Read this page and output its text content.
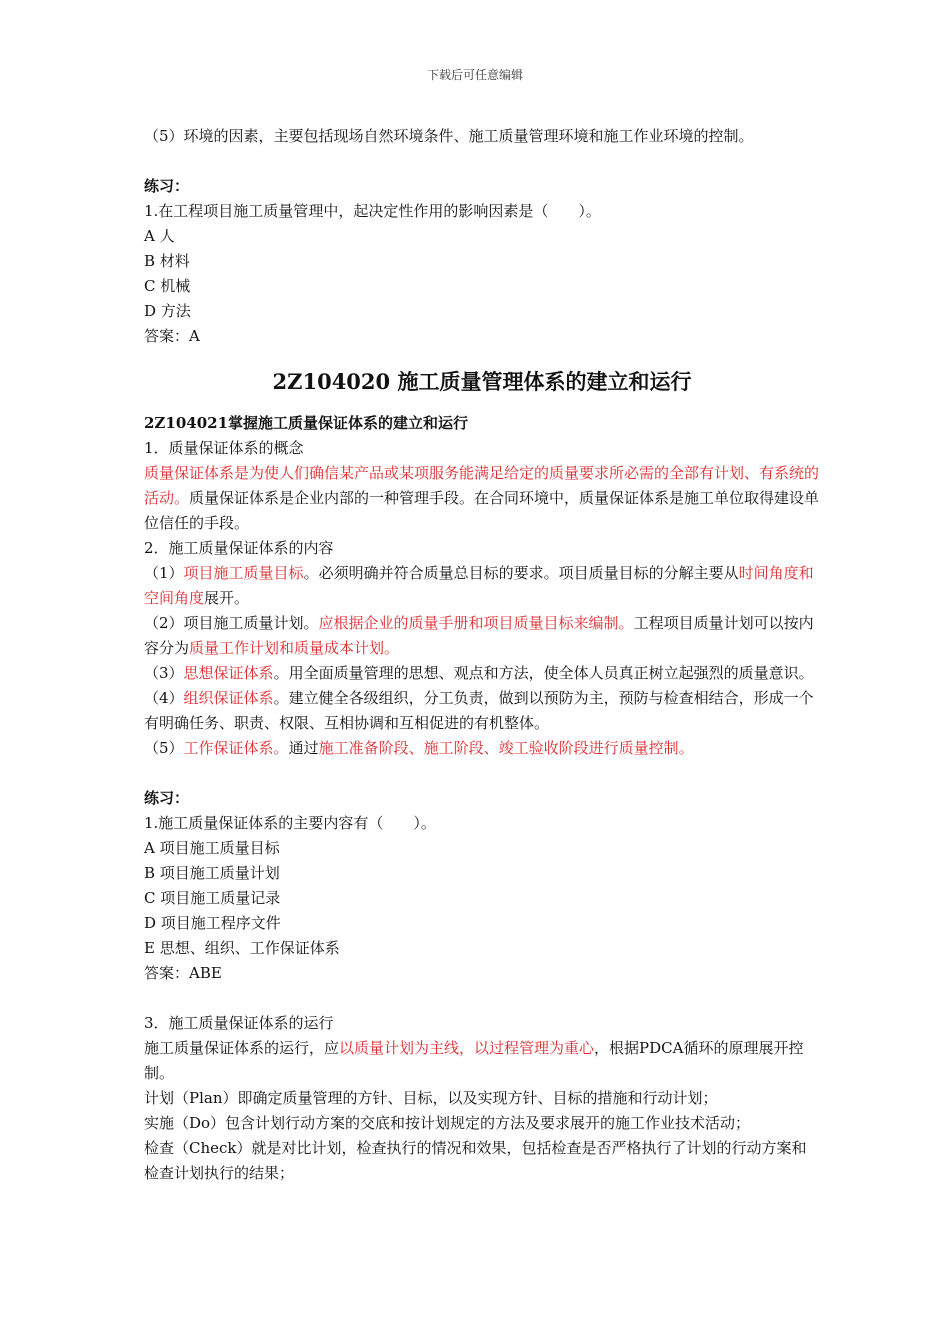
下载后可任意编辑
（5）环境的因素，主要包括现场自然环境条件、施工质量管理环境和施工作业环境的控制。
练习：
1.在工程项目施工质量管理中，起决定性作用的影响因素是（　　）。
A 人
B 材料
C 机械
D 方法
答案：A
2Z104020 施工质量管理体系的建立和运行
2Z104021掌握施工质量保证体系的建立和运行
1．质量保证体系的概念
质量保证体系是为使人们确信某产品或某项服务能满足给定的质量要求所必需的全部有计划、有系统的活动。质量保证体系是企业内部的一种管理手段。在合同环境中，质量保证体系是施工单位取得建设单位信任的手段。
2．施工质量保证体系的内容
（1）项目施工质量目标。必须明确并符合质量总目标的要求。项目质量目标的分解主要从时间角度和空间角度展开。
（2）项目施工质量计划。应根据企业的质量手册和项目质量目标来编制。工程项目质量计划可以按内容分为质量工作计划和质量成本计划。
（3）思想保证体系。用全面质量管理的思想、观点和方法，使全体人员真正树立起强烈的质量意识。
（4）组织保证体系。建立健全各级组织，分工负责，做到以预防为主，预防与检查相结合，形成一个有明确任务、职责、权限、互相协调和互相促进的有机整体。
（5）工作保证体系。通过施工准备阶段、施工阶段、竣工验收阶段进行质量控制。
练习：
1.施工质量保证体系的主要内容有（　　）。
A 项目施工质量目标
B 项目施工质量计划
C 项目施工质量记录
D 项目施工程序文件
E 思想、组织、工作保证体系
答案：ABE
3．施工质量保证体系的运行
施工质量保证体系的运行，应以质量计划为主线，以过程管理为重心，根据PDCA循环的原理展开控制。
计划（Plan）即确定质量管理的方针、目标，以及实现方针、目标的措施和行动计划；
实施（Do）包含计划行动方案的交底和按计划规定的方法及要求展开的施工作业技术活动；
检查（Check）就是对比计划，检查执行的情况和效果，包括检查是否严格执行了计划的行动方案和检查计划执行的结果；
